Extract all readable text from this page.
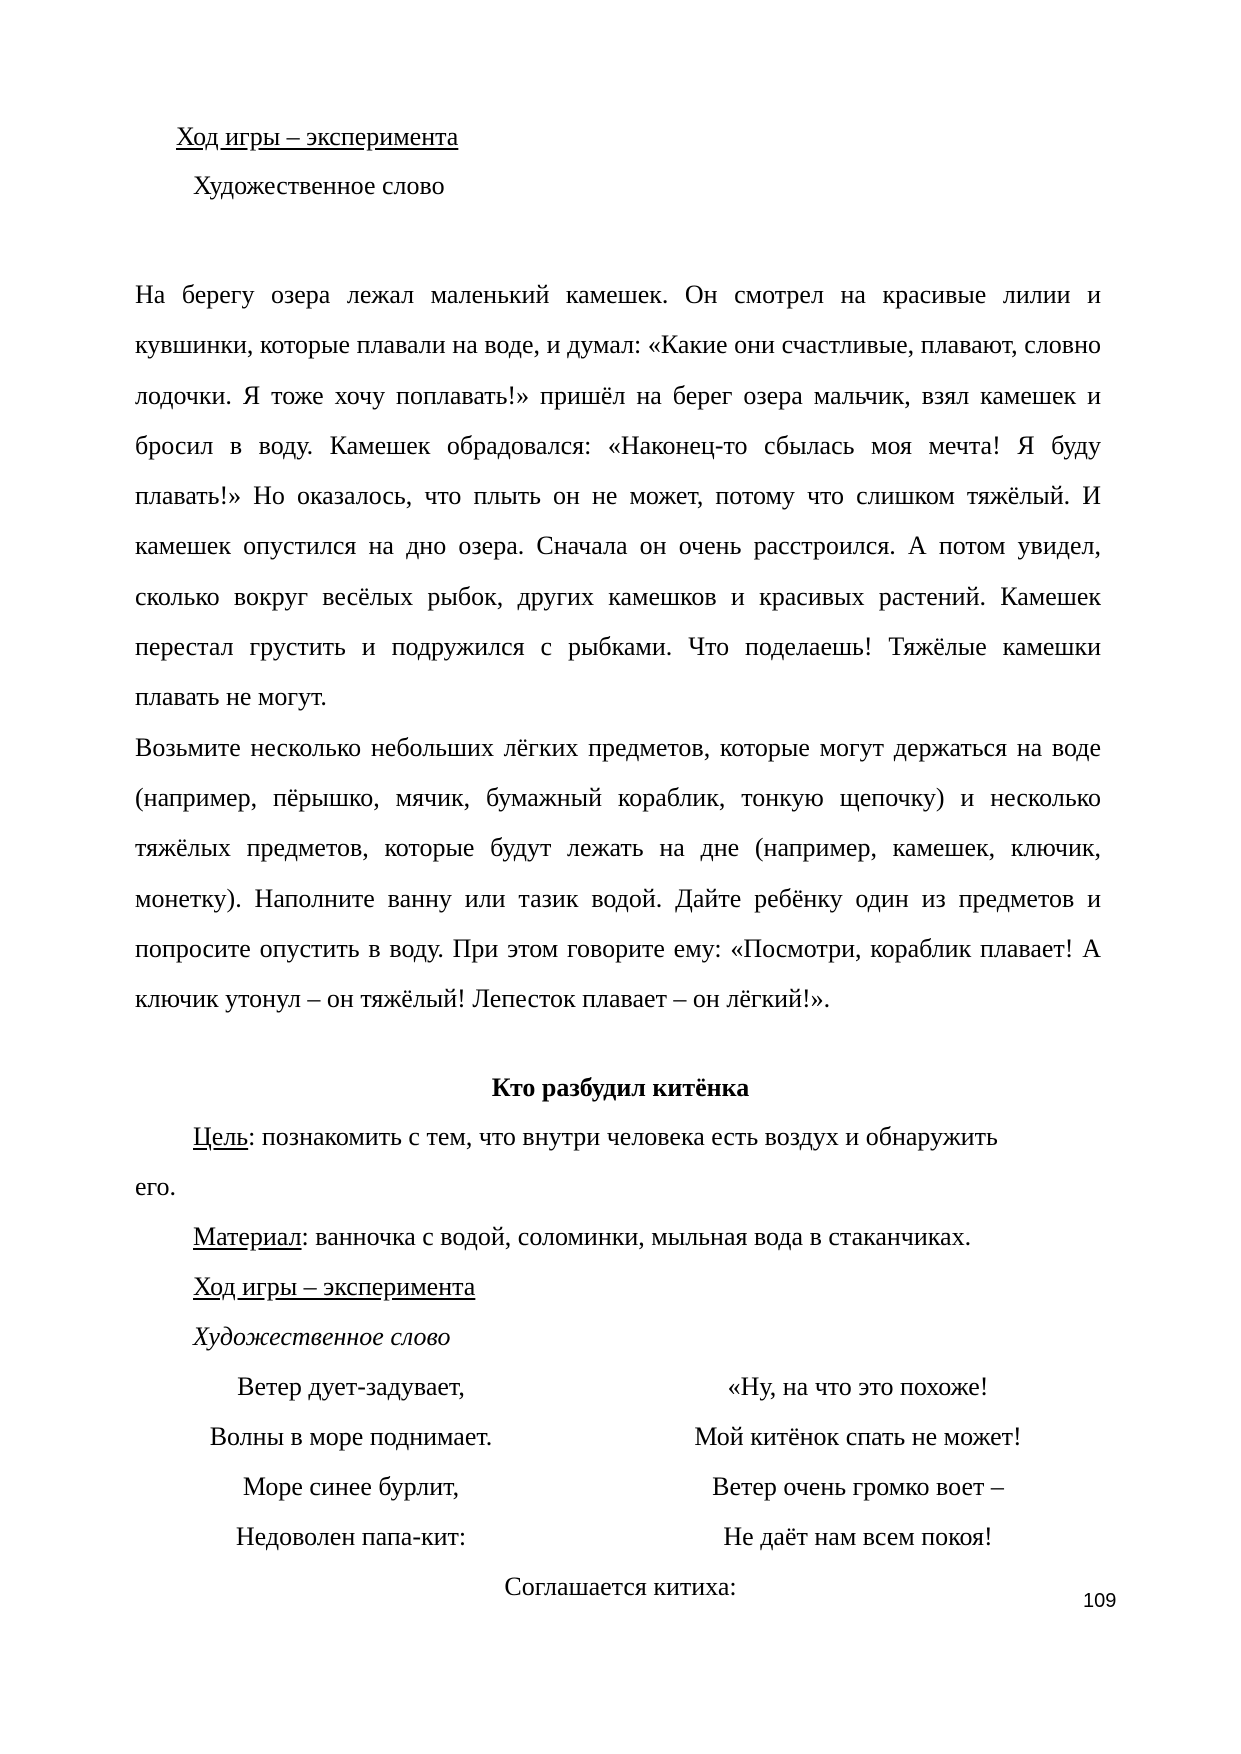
Ход игры – эксперимента
Художественное слово

На берегу озера лежал маленький камешек. Он смотрел на красивые лилии и кувшинки, которые плавали на воде, и думал: «Какие они счастливые, плавают, словно лодочки. Я тоже хочу поплавать!» пришёл на берег озера мальчик, взял камешек и бросил в воду. Камешек обрадовался: «Наконец-то сбылась моя мечта! Я буду плавать!» Но оказалось, что плыть он не может, потому что слишком тяжёлый. И камешек опустился на дно озера. Сначала он очень расстроился. А потом увидел, сколько вокруг весёлых рыбок, других камешков и красивых растений. Камешек перестал грустить и подружился с рыбками. Что поделаешь! Тяжёлые камешки плавать не могут.

Возьмите несколько небольших лёгких предметов, которые могут держаться на воде (например, пёрышко, мячик, бумажный кораблик, тонкую щепочку) и несколько тяжёлых предметов, которые будут лежать на дне (например, камешек, ключик, монетку). Наполните ванну или тазик водой. Дайте ребёнку один из предметов и попросите опустить в воду. При этом говорите ему: «Посмотри, кораблик плавает! А ключик утонул – он тяжёлый! Лепесток плавает – он лёгкий!».

Кто разбудил китёнка
Цель: познакомить с тем, что внутри человека есть воздух и обнаружить
его.
Материал: ванночка с водой, соломинки, мыльная вода в стаканчиках.
Ход игры – эксперимента
Художественное слово
Ветер дует-задувает,
Волны в море поднимает.
Море синее бурлит,
Недоволен папа-кит:
«Ну, на что это похоже!
Мой китёнок спать не может!
Ветер очень громко воет –
Не даёт нам всем покоя!
Соглашается китиха:	109
